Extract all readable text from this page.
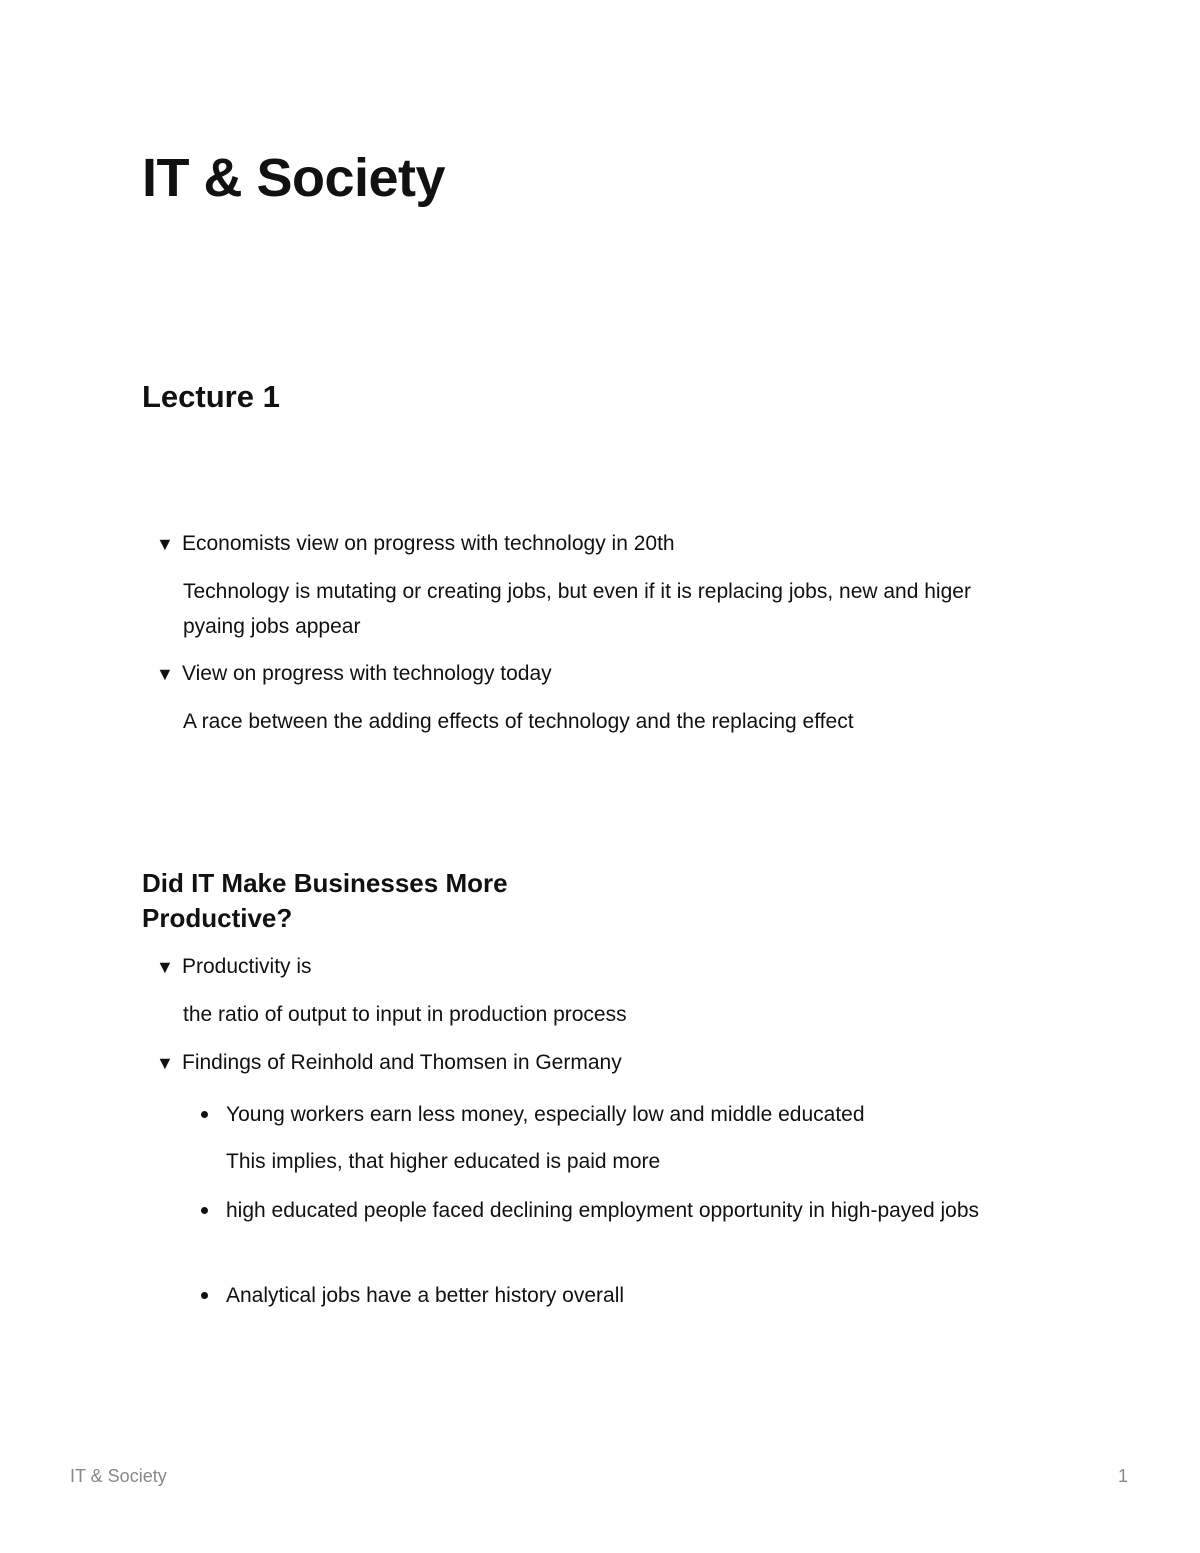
IT & Society
Lecture 1
▼ Economists view on progress with technology in 20th
Technology is mutating or creating jobs, but even if it is replacing jobs, new and higer pyaing jobs appear
▼ View on progress with technology today
A race between the adding effects of technology and the replacing effect
Did IT Make Businesses More Productive?
▼ Productivity is
the ratio of output to input in production process
▼ Findings of Reinhold and Thomsen in Germany
Young workers earn less money, especially low and middle educated
This implies, that higher educated is paid more
high educated people faced declining employment opportunity in high-payed jobs
Analytical jobs have a better history overall
IT & Society	1
